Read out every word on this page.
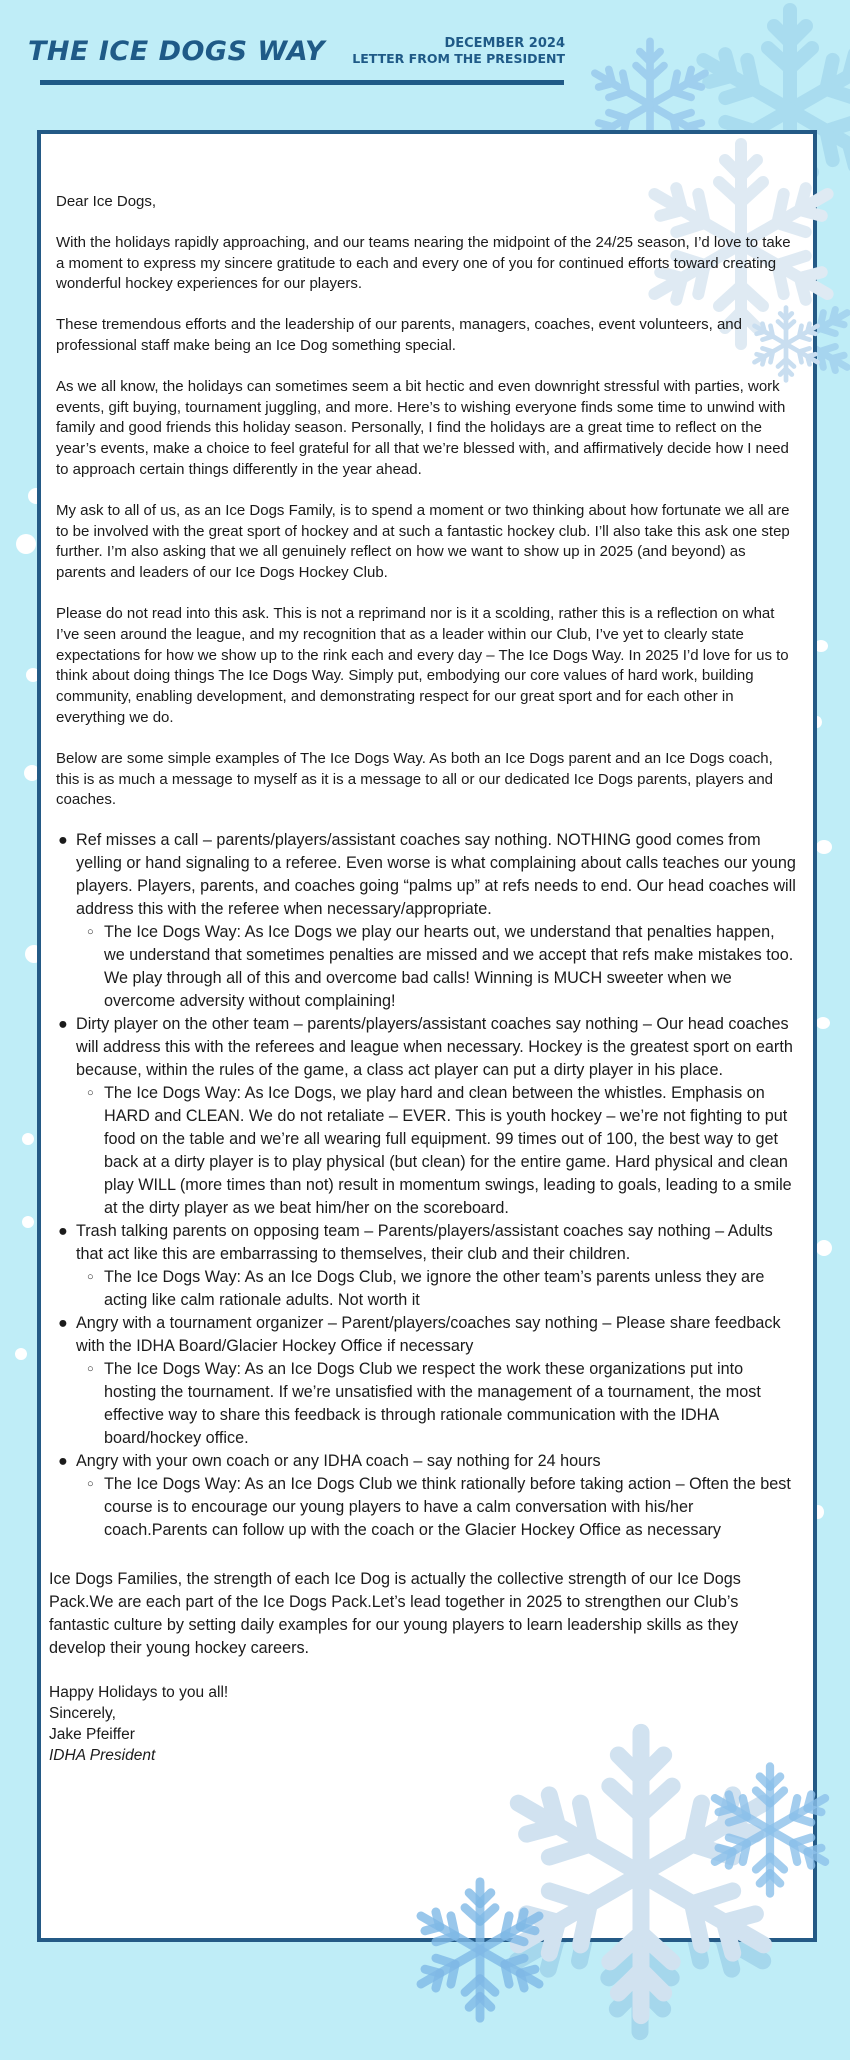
THE ICE DOGS WAY	DECEMBER 2024
LETTER FROM THE PRESIDENT

Dear Ice Dogs,

With the holidays rapidly approaching, and our teams nearing the midpoint of the 24/25 season, I’d love to take a moment to express my sincere gratitude to each and every one of you for continued efforts toward creating wonderful hockey experiences for our players.

These tremendous efforts and the leadership of our parents, managers, coaches, event volunteers, and professional staff make being an Ice Dog something special.

As we all know, the holidays can sometimes seem a bit hectic and even downright stressful with parties, work events, gift buying, tournament juggling, and more. Here’s to wishing everyone finds some time to unwind with family and good friends this holiday season. Personally, I find the holidays are a great time to reflect on the year’s events, make a choice to feel grateful for all that we’re blessed with, and affirmatively decide how I need to approach certain things differently in the year ahead.

My ask to all of us, as an Ice Dogs Family, is to spend a moment or two thinking about how fortunate we all are to be involved with the great sport of hockey and at such a fantastic hockey club. I’ll also take this ask one step further. I’m also asking that we all genuinely reflect on how we want to show up in 2025 (and beyond) as parents and leaders of our Ice Dogs Hockey Club.

Please do not read into this ask. This is not a reprimand nor is it a scolding, rather this is a reflection on what I’ve seen around the league, and my recognition that as a leader within our Club, I’ve yet to clearly state expectations for how we show up to the rink each and every day – The Ice Dogs Way. In 2025 I’d love for us to think about doing things The Ice Dogs Way. Simply put, embodying our core values of hard work, building community, enabling development, and demonstrating respect for our great sport and for each other in everything we do.

Below are some simple examples of The Ice Dogs Way. As both an Ice Dogs parent and an Ice Dogs coach, this is as much a message to myself as it is a message to all or our dedicated Ice Dogs parents, players and coaches.

● Ref misses a call – parents/players/assistant coaches say nothing. NOTHING good comes from yelling or hand signaling to a referee. Even worse is what complaining about calls teaches our young players. Players, parents, and coaches going “palms up” at refs needs to end. Our head coaches will address this with the referee when necessary/appropriate.
○ The Ice Dogs Way: As Ice Dogs we play our hearts out, we understand that penalties happen, we understand that sometimes penalties are missed and we accept that refs make mistakes too. We play through all of this and overcome bad calls! Winning is MUCH sweeter when we overcome adversity without complaining!
● Dirty player on the other team – parents/players/assistant coaches say nothing – Our head coaches will address this with the referees and league when necessary. Hockey is the greatest sport on earth because, within the rules of the game, a class act player can put a dirty player in his place.
○ The Ice Dogs Way: As Ice Dogs, we play hard and clean between the whistles. Emphasis on HARD and CLEAN. We do not retaliate – EVER. This is youth hockey – we’re not fighting to put food on the table and we’re all wearing full equipment. 99 times out of 100, the best way to get back at a dirty player is to play physical (but clean) for the entire game. Hard physical and clean play WILL (more times than not) result in momentum swings, leading to goals, leading to a smile at the dirty player as we beat him/her on the scoreboard.
● Trash talking parents on opposing team – Parents/players/assistant coaches say nothing – Adults that act like this are embarrassing to themselves, their club and their children.
○ The Ice Dogs Way: As an Ice Dogs Club, we ignore the other team’s parents unless they are acting like calm rationale adults. Not worth it
● Angry with a tournament organizer – Parent/players/coaches say nothing – Please share feedback with the IDHA Board/Glacier Hockey Office if necessary
○ The Ice Dogs Way: As an Ice Dogs Club we respect the work these organizations put into hosting the tournament. If we’re unsatisfied with the management of a tournament, the most effective way to share this feedback is through rationale communication with the IDHA board/hockey office.
● Angry with your own coach or any IDHA coach – say nothing for 24 hours
○ The Ice Dogs Way: As an Ice Dogs Club we think rationally before taking action – Often the best course is to encourage our young players to have a calm conversation with his/her coach.Parents can follow up with the coach or the Glacier Hockey Office as necessary

Ice Dogs Families, the strength of each Ice Dog is actually the collective strength of our Ice Dogs Pack.We are each part of the Ice Dogs Pack.Let’s lead together in 2025 to strengthen our Club’s fantastic culture by setting daily examples for our young players to learn leadership skills as they develop their young hockey careers.

Happy Holidays to you all!
Sincerely,
Jake Pfeiffer
IDHA President
